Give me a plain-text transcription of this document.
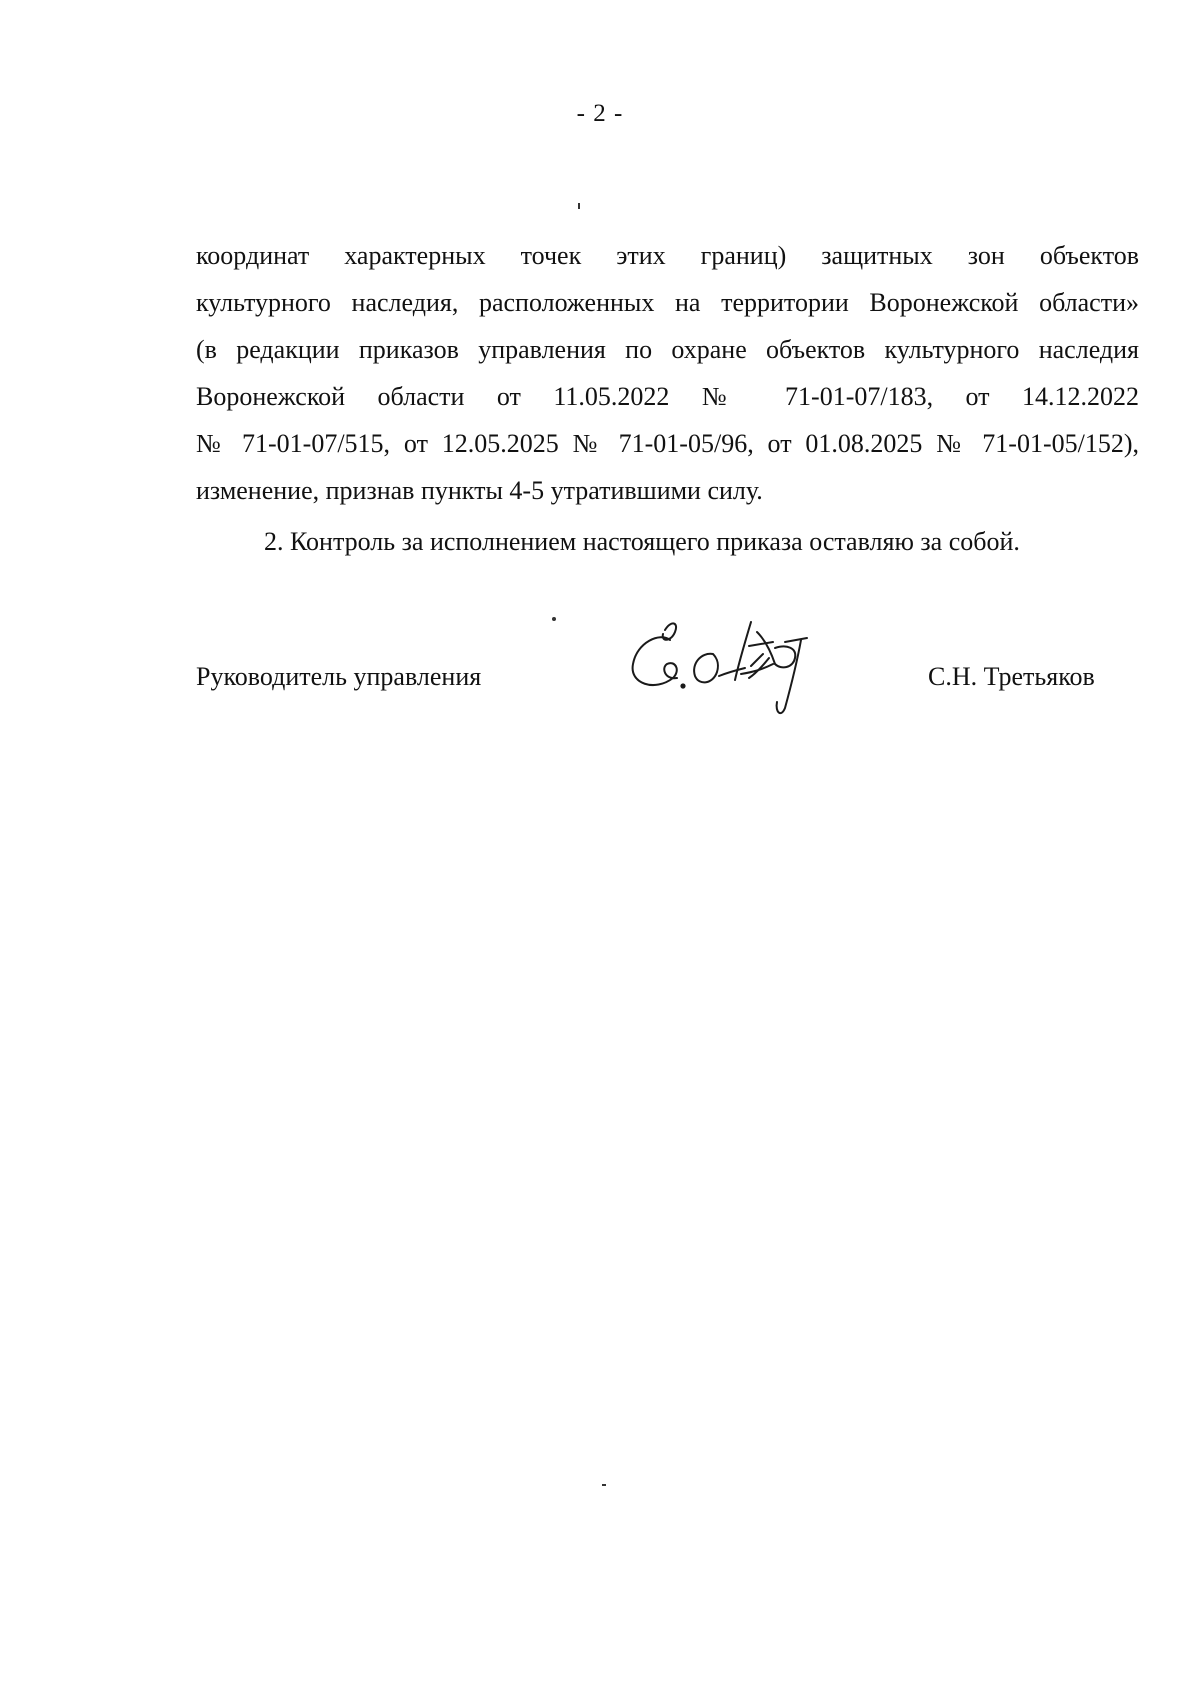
- 2 -

координат характерных точек этих границ) защитных зон объектов
культурного наследия, расположенных на территории Воронежской области»
(в редакции приказов управления по охране объектов культурного наследия
Воронежской области от 11.05.2022 № 71-01-07/183, от 14.12.2022
№ 71-01-07/515, от 12.05.2025 № 71-01-05/96, от 01.08.2025 № 71-01-05/152),
изменение, признав пункты 4-5 утратившими силу.

2. Контроль за исполнением настоящего приказа оставляю за собой.
Руководитель управления	С.Н. Третьяков
